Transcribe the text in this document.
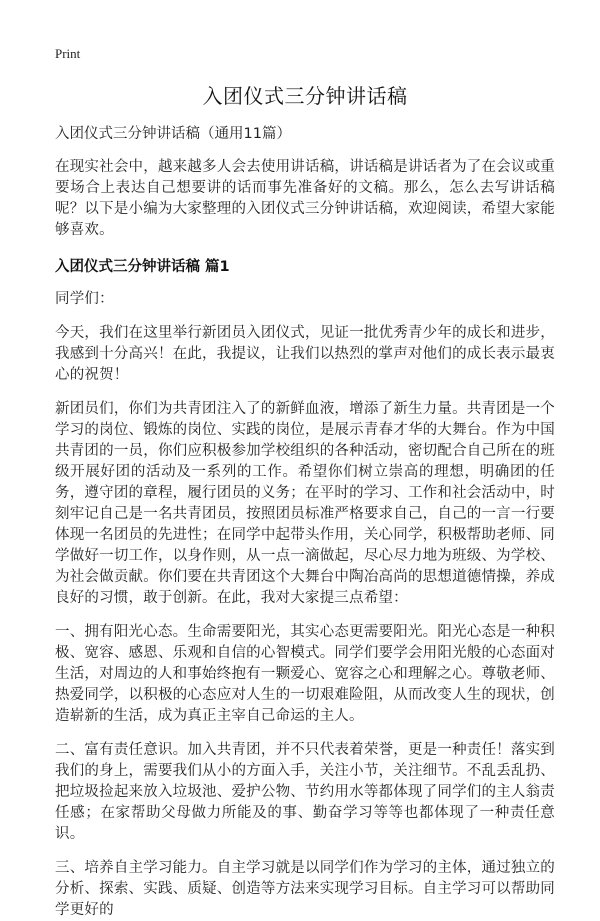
Print
入团仪式三分钟讲话稿
入团仪式三分钟讲话稿（通用11篇）

在现实社会中，越来越多人会去使用讲话稿，讲话稿是讲话者为了在会议或重要场合上表达自己想要讲的话而事先准备好的文稿。那么，怎么去写讲话稿呢？以下是小编为大家整理的入团仪式三分钟讲话稿，欢迎阅读，希望大家能够喜欢。

入团仪式三分钟讲话稿 篇1

同学们：

今天，我们在这里举行新团员入团仪式，见证一批优秀青少年的成长和进步，我感到十分高兴！在此，我提议，让我们以热烈的掌声对他们的成长表示最衷心的祝贺！

新团员们，你们为共青团注入了的新鲜血液，增添了新生力量。共青团是一个学习的岗位、锻炼的岗位、实践的岗位，是展示青春才华的大舞台。作为中国共青团的一员，你们应积极参加学校组织的各种活动，密切配合自己所在的班级开展好团的活动及一系列的工作。希望你们树立崇高的理想，明确团的任务，遵守团的章程，履行团员的义务；在平时的学习、工作和社会活动中，时刻牢记自己是一名共青团员，按照团员标准严格要求自己，自己的一言一行要体现一名团员的先进性；在同学中起带头作用，关心同学，积极帮助老师、同学做好一切工作，以身作则，从一点一滴做起，尽心尽力地为班级、为学校、为社会做贡献。你们要在共青团这个大舞台中陶冶高尚的思想道德情操，养成良好的习惯，敢于创新。在此，我对大家提三点希望：

一、拥有阳光心态。生命需要阳光，其实心态更需要阳光。阳光心态是一种积极、宽容、感恩、乐观和自信的心智模式。同学们要学会用阳光般的心态面对生活，对周边的人和事始终抱有一颗爱心、宽容之心和理解之心。尊敬老师、热爱同学，以积极的心态应对人生的一切艰难险阻，从而改变人生的现状，创造崭新的生活，成为真正主宰自己命运的主人。

二、富有责任意识。加入共青团，并不只代表着荣誉，更是一种责任！落实到我们的身上，需要我们从小的方面入手，关注小节，关注细节。不乱丢乱扔、把垃圾捡起来放入垃圾池、爱护公物、节约用水等都体现了同学们的主人翁责任感；在家帮助父母做力所能及的事、勤奋学习等等也都体现了一种责任意识。

三、培养自主学习能力。自主学习就是以同学们作为学习的主体，通过独立的分析、探索、实践、质疑、创造等方法来实现学习目标。自主学习可以帮助同学更好的
